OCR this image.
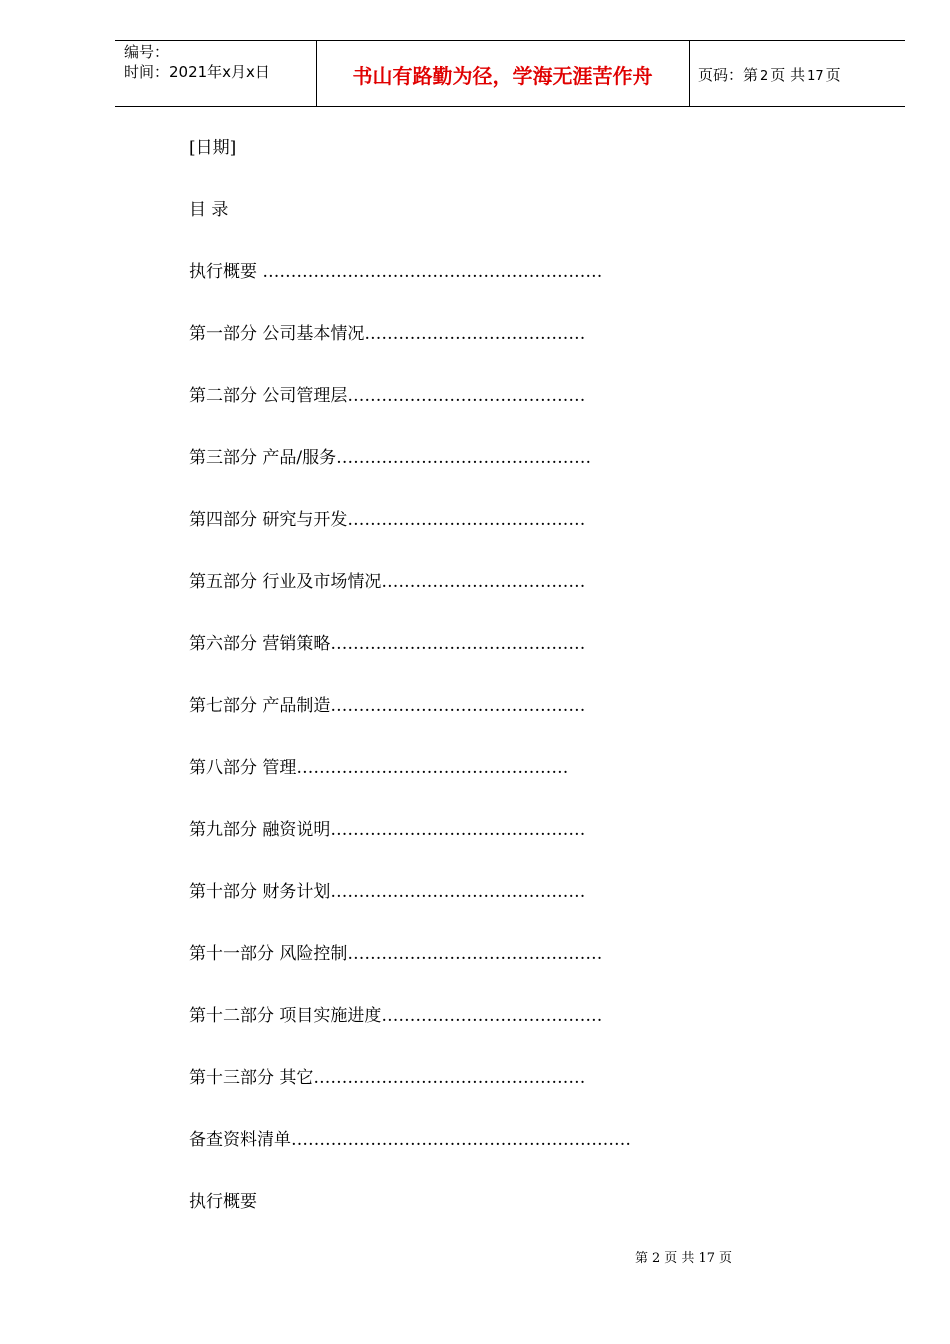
编号：
时间：2021年x月x日	书山有路勤为径，学海无涯苦作舟	页码：第 2 页 共 17 页
[日期]
目 录
执行概要 ……………………………………………………
第一部分 公司基本情况…………………………………
第二部分 公司管理层……………………………………
第三部分 产品/服务………………………………………
第四部分 研究与开发……………………………………
第五部分 行业及市场情况………………………………
第六部分 营销策略………………………………………
第七部分 产品制造………………………………………
第八部分 管理…………………………………………
第九部分 融资说明………………………………………
第十部分 财务计划………………………………………
第十一部分 风险控制………………………………………
第十二部分 项目实施进度…………………………………
第十三部分 其它…………………………………………
备查资料清单……………………………………………………
执行概要
第 2 页 共 17 页
